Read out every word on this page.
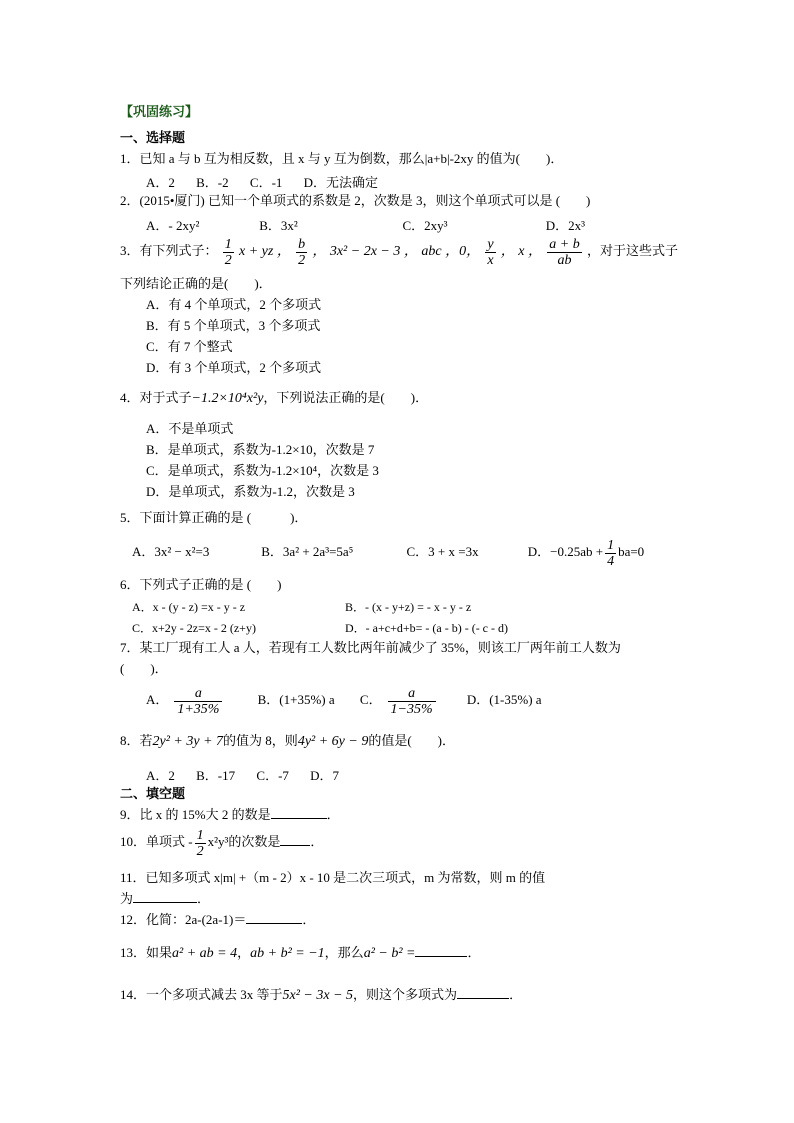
【巩固练习】
一、选择题
1．已知 a 与 b 互为相反数，且 x 与 y 互为倒数，那么|a+b|-2xy 的值为(　　)．
A．2 B．-2 C．-1 D．无法确定
2．(2015•厦门) 已知一个单项式的系数是 2，次数是 3，则这个单项式可以是 (　　)
A．- 2xy²	B．3x²	C．2xy³	D．2x³
3．有下列式子： $\frac{1}{2}$ x + yz ， $\frac{b}{2}$ ， 3x² − 2x − 3 ， abc ，0， $\frac{y}{x}$ ， x ， $\frac{a + b}{ab}$ ，对于这些式子
下列结论正确的是(　　)．
A．有 4 个单项式，2 个多项式
B．有 5 个单项式，3 个多项式
C．有 7 个整式
D．有 3 个单项式，2 个多项式
4．对于式子−1.2×10⁴x²y，下列说法正确的是(　　)．
A．不是单项式
B．是单项式，系数为-1.2×10，次数是 7
C．是单项式，系数为-1.2×10⁴，次数是 3
D．是单项式，系数为-1.2，次数是 3
5．下面计算正确的是 (　　　)．
A．3x² − x²=3	B．3a² + 2a³=5a⁵	C．3 + x =3x	D．$-0.25ab + \frac{1}{4} ba=0$
6．下列式子正确的是 (　　)
A．x - (y - z) =x - y - z	B．- (x - y+z) = - x - y - z
C．x+2y - 2z=x - 2 (z+y)	D．- a+c+d+b= - (a - b) - (- c - d)
7．某工厂现有工人 a 人，若现有工人数比两年前减少了 35%，则该工厂两年前工人数为
(　　)．
A． $\frac{a}{1+35\%}$	B．(1+35%) a C． $\frac{a}{1-35\%}$ D．(1-35%) a
8．若2y² + 3y + 7的值为 8，则4y² + 6y − 9的值是(　　)．
A．2 B．-17 C．-7 D．7
二、填空题
9．比 x 的 15%大 2 的数是	．
10．单项式 - $\frac{1}{2} x^2y^3$的次数是 ．
11．已知多项式 x|m| +（m - 2）x - 10 是二次三项式，m 为常数，则 m 的值
为	．
12．化简：2a-(2a-1)＝	．
13．如果a² + ab = 4，ab + b² = −1，那么a² − b² =	．
14．一个多项式减去 3x 等于5x² − 3x − 5，则这个多项式为	．
